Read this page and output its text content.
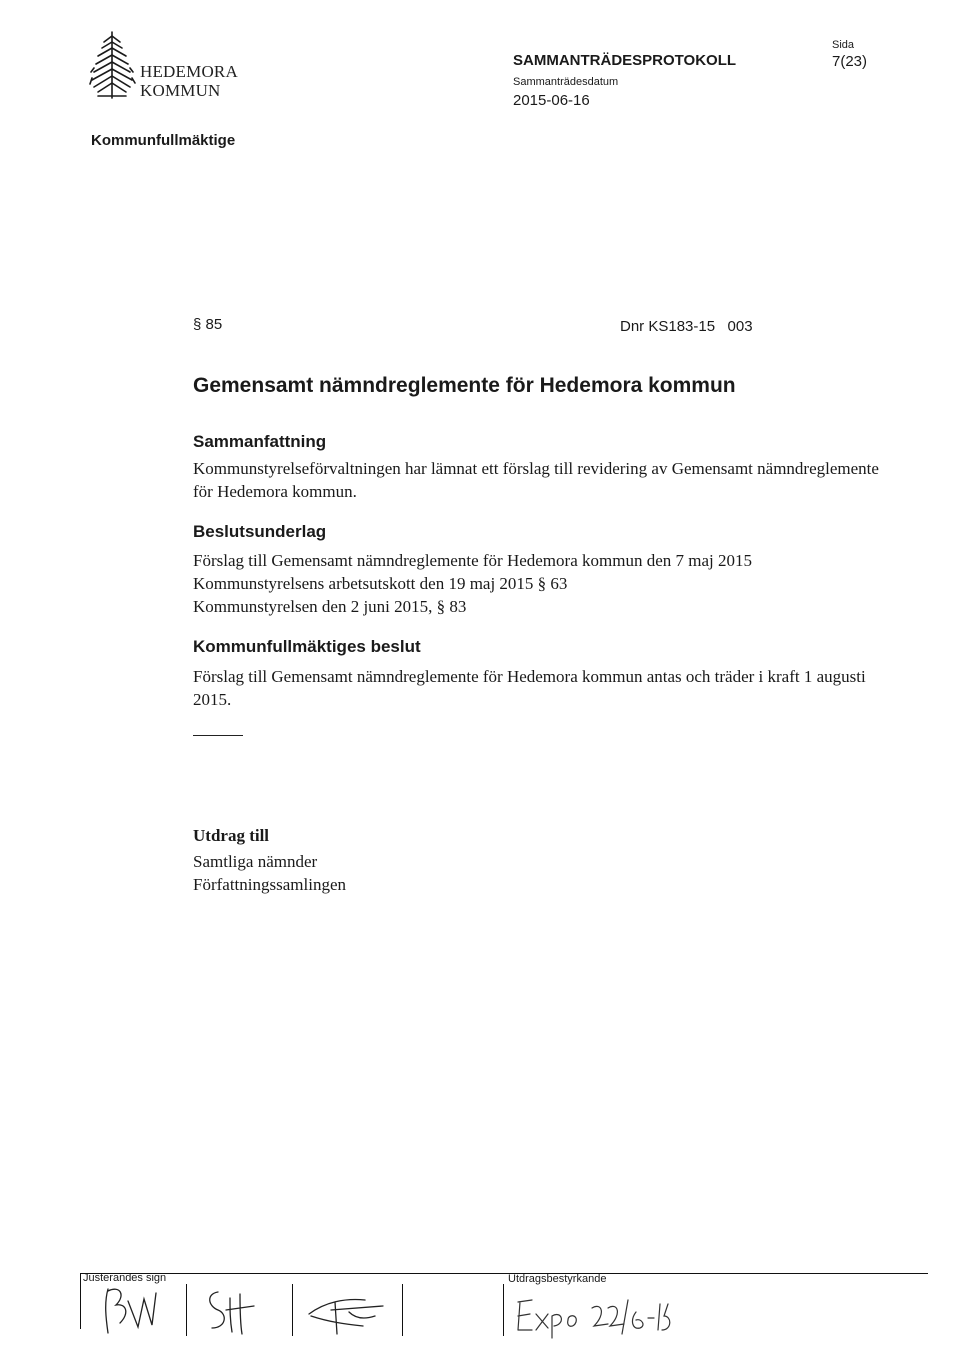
HEDEMORA
KOMMUN
SAMMANTRÄDESPROTOKOLL
Sammanträdesdatum
2015-06-16
Sida
7(23)
Kommunfullmäktige
§ 85	Dnr KS183-15   003
Gemensamt nämndreglemente för Hedemora kommun
Sammanfattning
Kommunstyrelseförvaltningen har lämnat ett förslag till revidering av Gemensamt nämndreglemente för Hedemora kommun.
Beslutsunderlag
Förslag till Gemensamt nämndreglemente för Hedemora kommun den 7 maj 2015
Kommunstyrelsens arbetsutskott den 19 maj 2015 § 63
Kommunstyrelsen den 2 juni 2015, § 83
Kommunfullmäktiges beslut
Förslag till Gemensamt nämndreglemente för Hedemora kommun antas och träder i kraft 1 augusti 2015.
Utdrag till
Samtliga nämnder
Författningssamlingen
Justerandes sign	Utdragsbestyrkande
